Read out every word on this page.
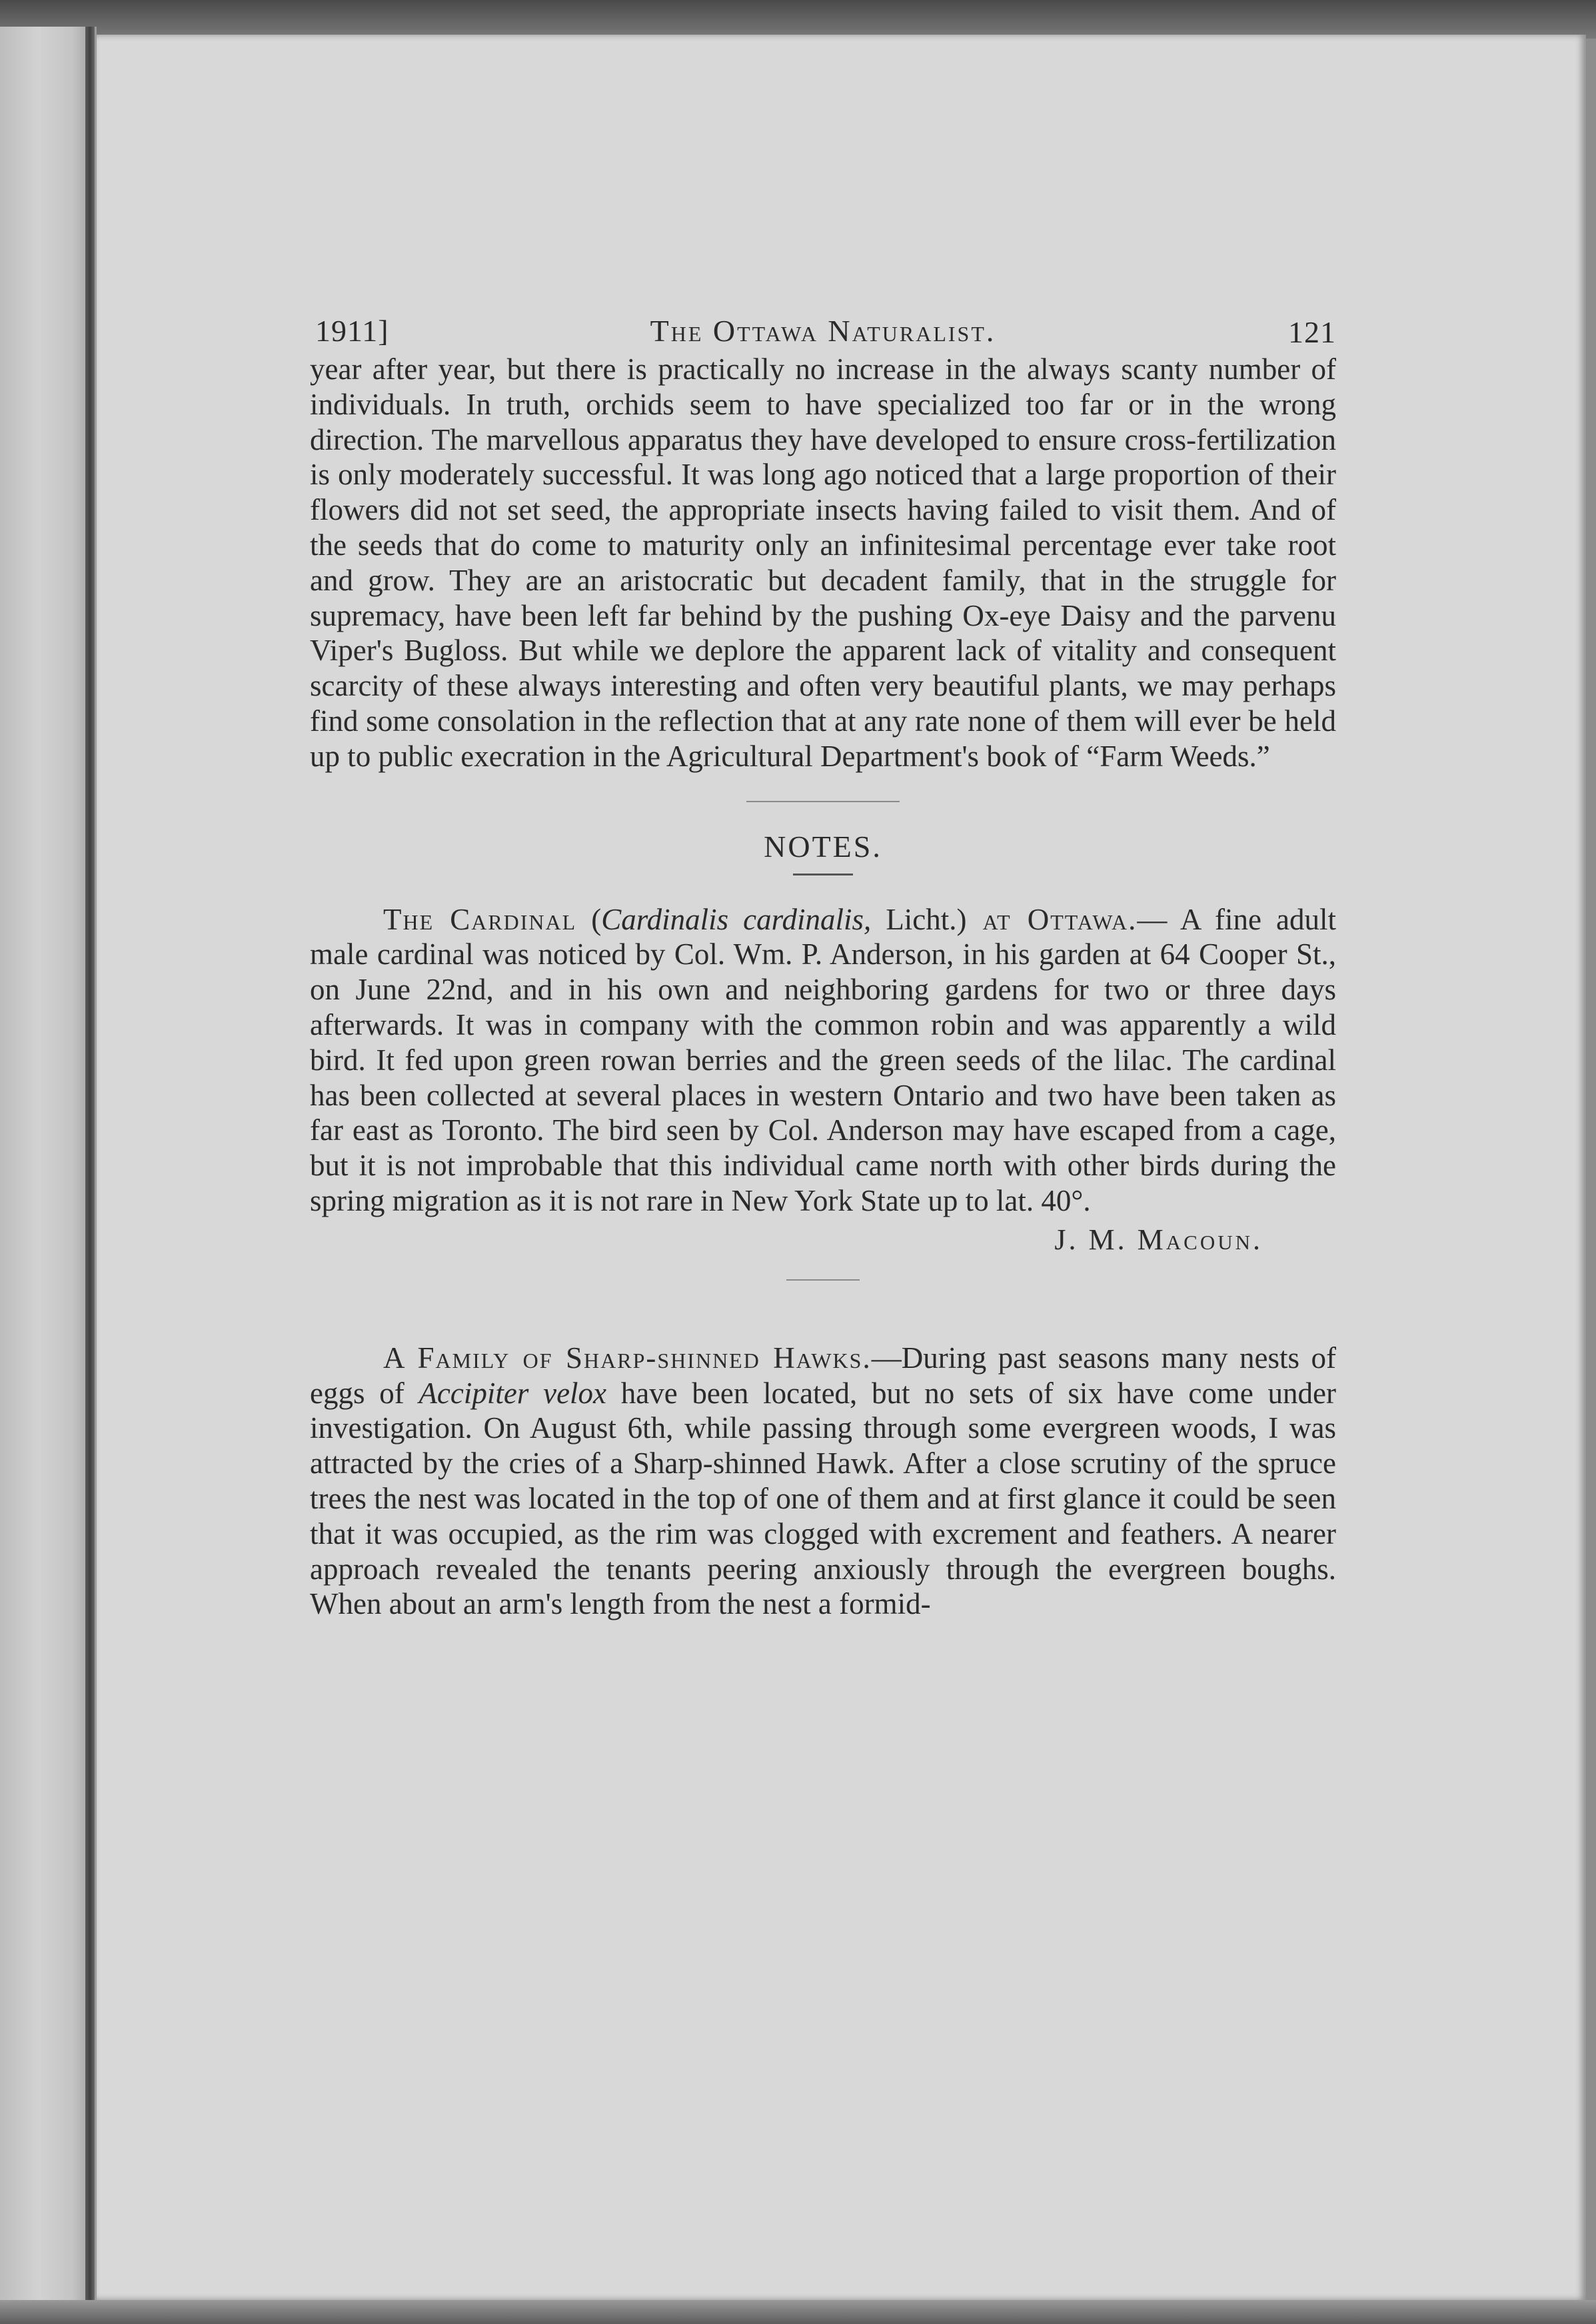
1911]	The Ottawa Naturalist.	121

year after year, but there is practically no increase in the always scanty number of individuals. In truth, orchids seem to have specialized too far or in the wrong direction. The marvellous apparatus they have developed to ensure cross-fertilization is only moderately successful. It was long ago noticed that a large proportion of their flowers did not set seed, the appropriate insects having failed to visit them. And of the seeds that do come to maturity only an infinitesimal percentage ever take root and grow. They are an aristocratic but decadent family, that in the struggle for supremacy, have been left far behind by the pushing Ox-eye Daisy and the parvenu Viper's Bugloss. But while we deplore the apparent lack of vitality and consequent scarcity of these always interesting and often very beautiful plants, we may perhaps find some consolation in the reflection that at any rate none of them will ever be held up to public execration in the Agricultural Department's book of “Farm Weeds.”

NOTES.

The Cardinal (Cardinalis cardinalis, Licht.) at Ottawa.— A fine adult male cardinal was noticed by Col. Wm. P. Anderson, in his garden at 64 Cooper St., on June 22nd, and in his own and neighboring gardens for two or three days afterwards. It was in company with the common robin and was apparently a wild bird. It fed upon green rowan berries and the green seeds of the lilac. The cardinal has been collected at several places in western Ontario and two have been taken as far east as Toronto. The bird seen by Col. Anderson may have escaped from a cage, but it is not improbable that this individual came north with other birds during the spring migration as it is not rare in New York State up to lat. 40°.

J. M. Macoun.

A Family of Sharp-shinned Hawks.—During past seasons many nests of eggs of Accipiter velox have been located, but no sets of six have come under investigation. On August 6th, while passing through some evergreen woods, I was attracted by the cries of a Sharp-shinned Hawk. After a close scrutiny of the spruce trees the nest was located in the top of one of them and at first glance it could be seen that it was occupied, as the rim was clogged with excrement and feathers. A nearer approach revealed the tenants peering anxiously through the evergreen boughs. When about an arm's length from the nest a formid-
